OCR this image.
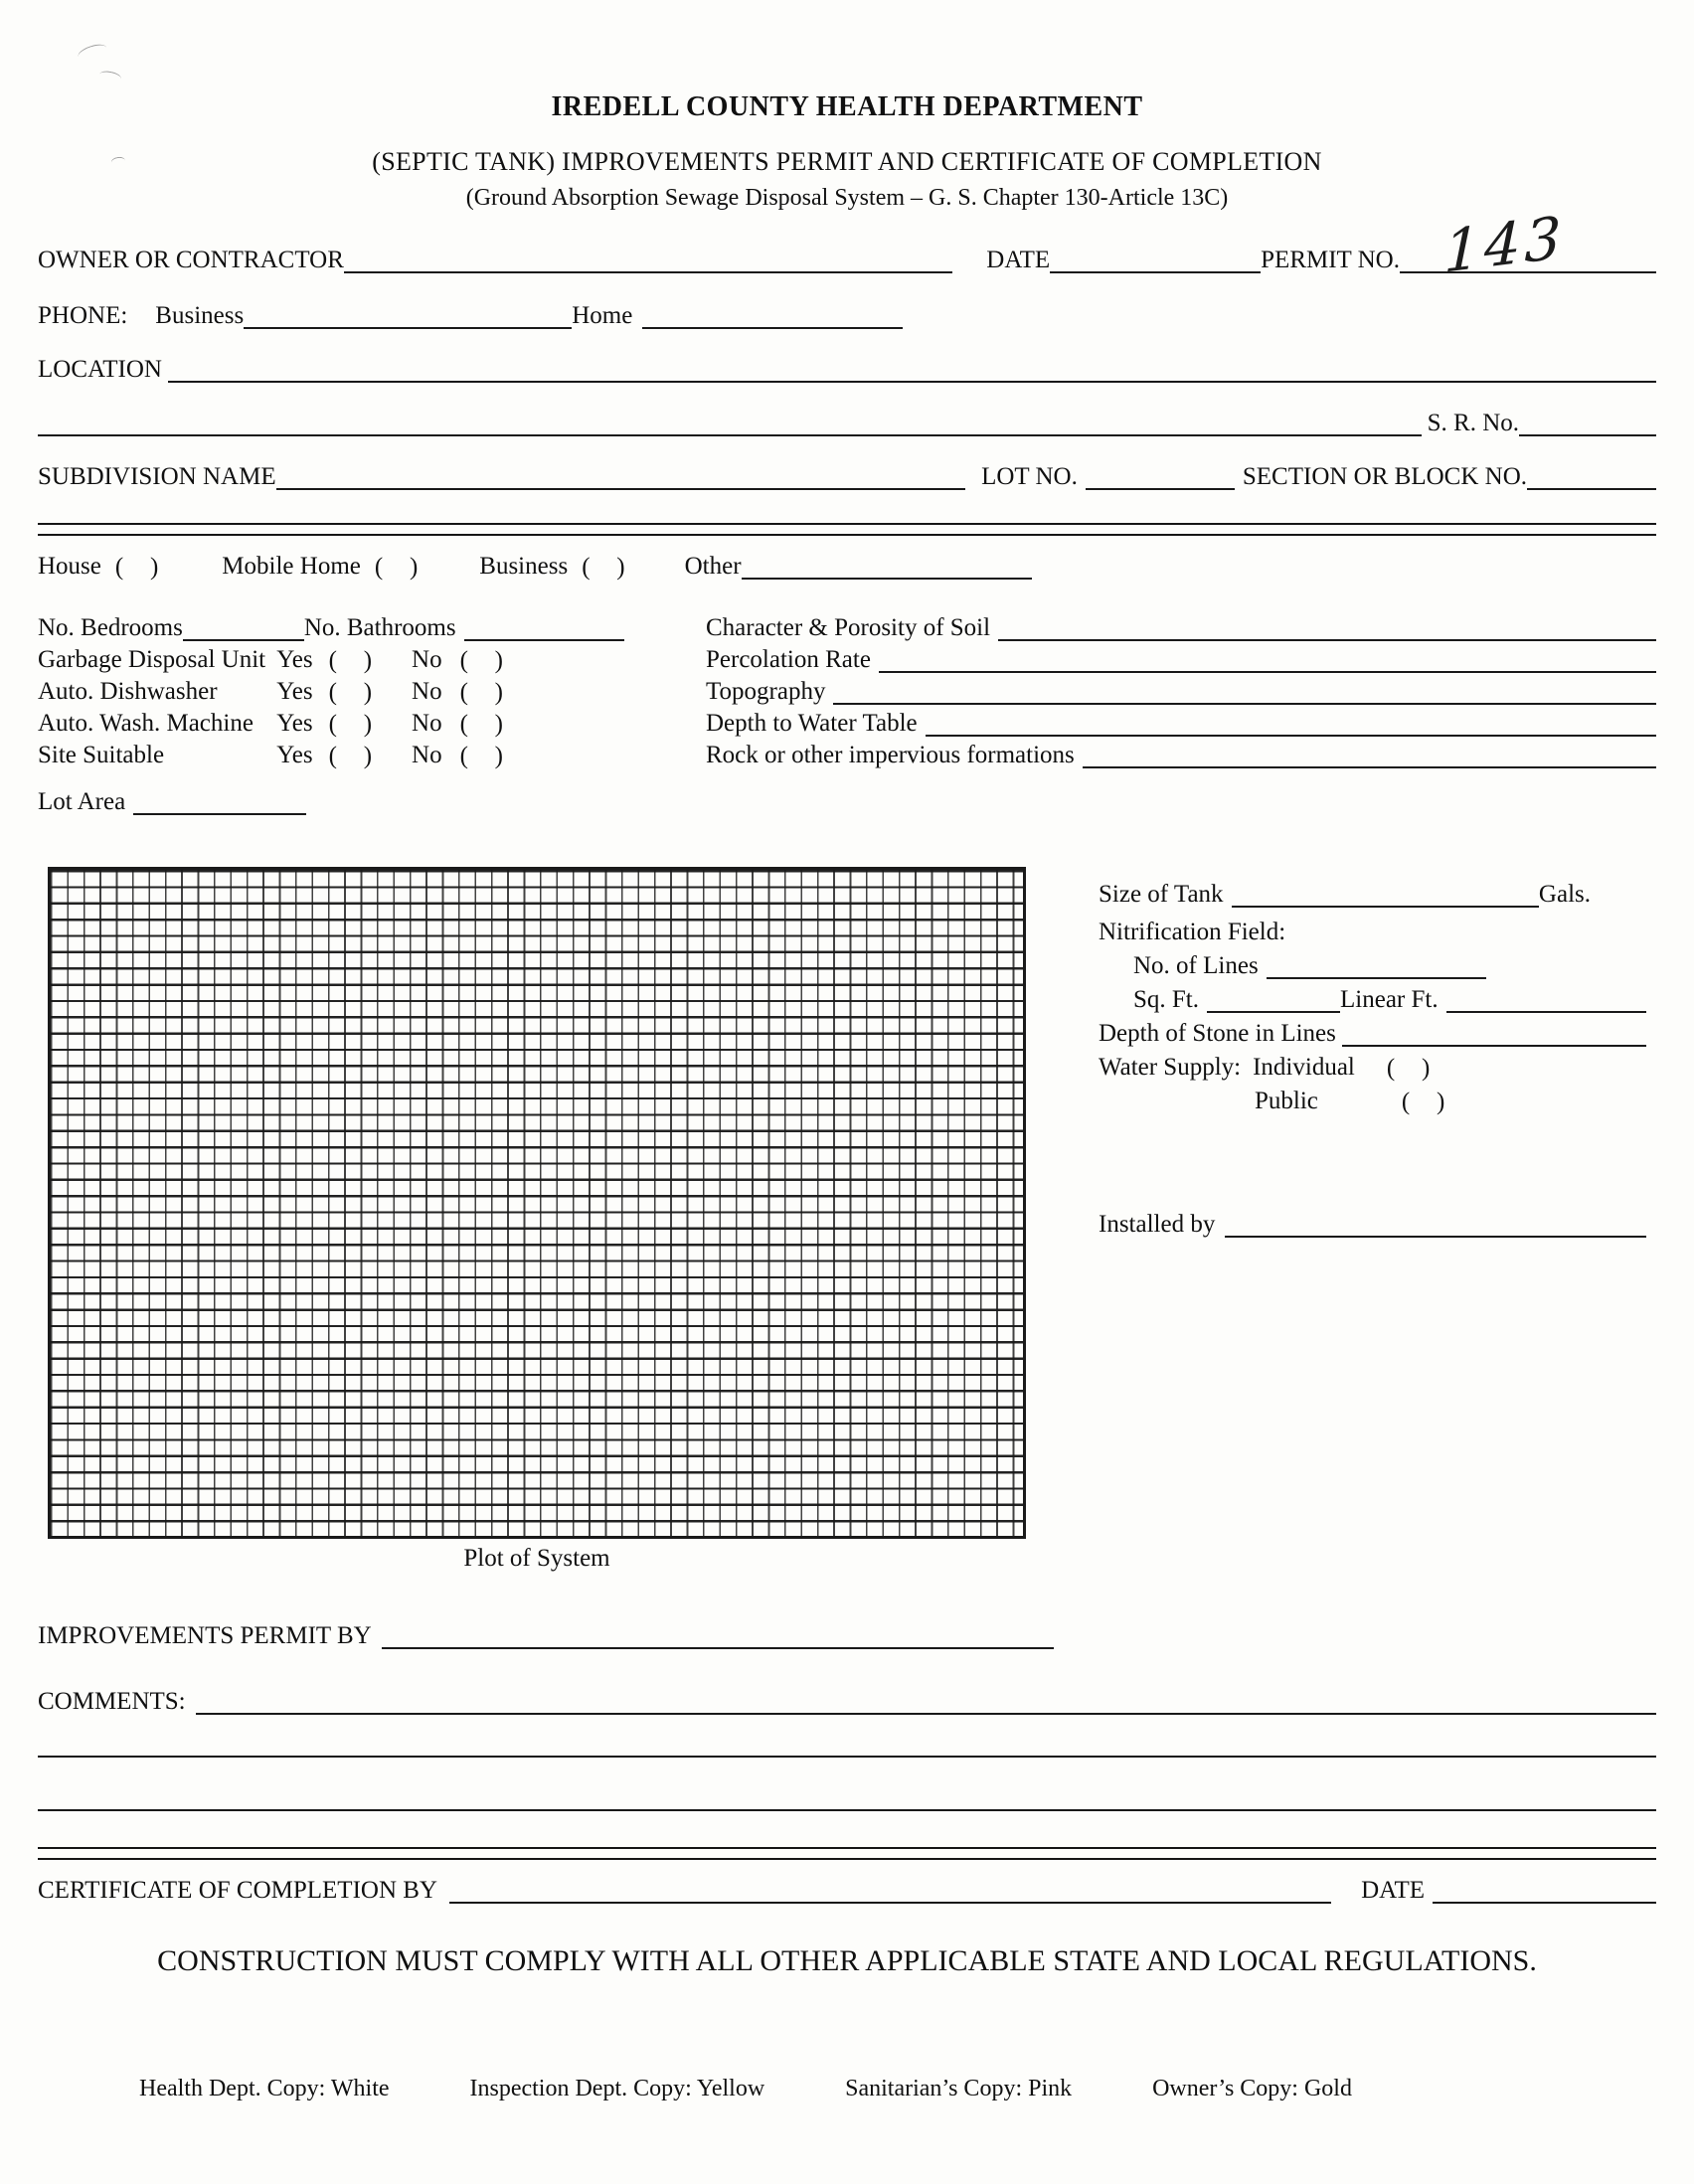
IREDELL COUNTY HEALTH DEPARTMENT
(SEPTIC TANK) IMPROVEMENTS PERMIT AND CERTIFICATE OF COMPLETION
(Ground Absorption Sewage Disposal System – G. S. Chapter 130-Article 13C)
OWNER OR CONTRACTOR	DATE	PERMIT NO. 143
PHONE: Business	Home
LOCATION
S. R. No.
SUBDIVISION NAME	LOT NO.	SECTION OR BLOCK NO.
House (   ) Mobile Home (   ) Business (   ) Other
No. Bedrooms	No. Bathrooms
Garbage Disposal Unit Yes (   ) No (   )
Auto. Dishwasher	Yes (   ) No (   )
Auto. Wash. Machine Yes (   ) No (   )
Site Suitable	Yes (   ) No (   )
Lot Area
Character & Porosity of Soil
Percolation Rate
Topography
Depth to Water Table
Rock or other impervious formations
Plot of System
Size of Tank	Gals.
Nitrification Field:
No. of Lines
Sq. Ft.	Linear Ft.
Depth of Stone in Lines
Water Supply: Individual (   )
Public	(   )
Installed by
IMPROVEMENTS PERMIT BY
COMMENTS:
CERTIFICATE OF COMPLETION BY	DATE
CONSTRUCTION MUST COMPLY WITH ALL OTHER APPLICABLE STATE AND LOCAL REGULATIONS.
Health Dept. Copy: White	Inspection Dept. Copy: Yellow	Sanitarian’s Copy: Pink	Owner’s Copy: Gold
